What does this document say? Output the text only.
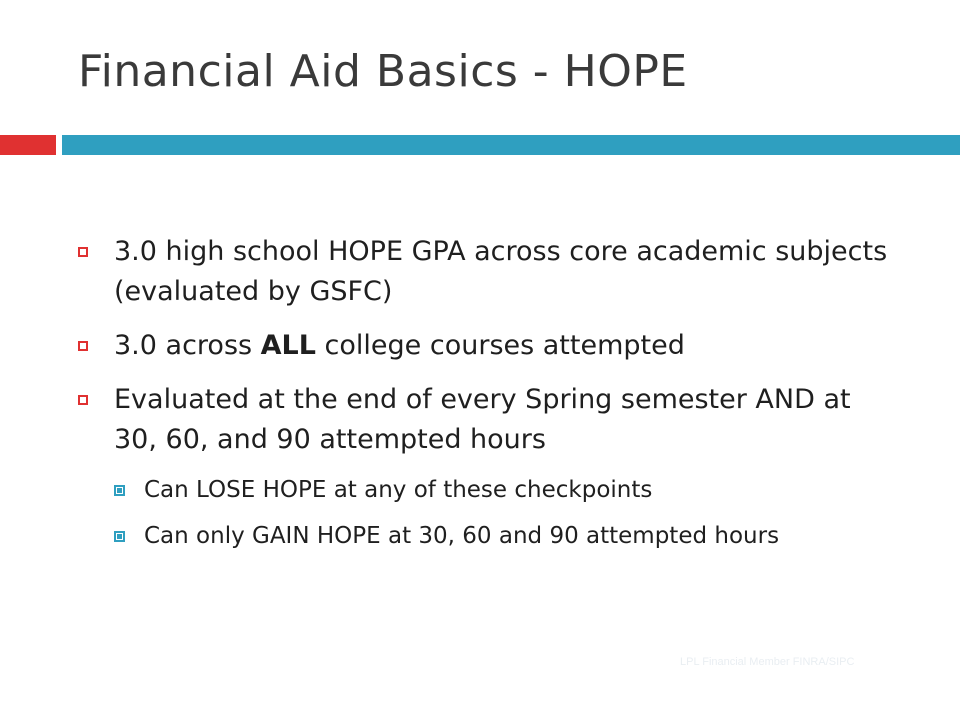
Financial Aid Basics - HOPE
3.0 high school HOPE GPA across core academic subjects (evaluated by GSFC)
3.0 across ALL college courses attempted
Evaluated at the end of every Spring semester AND at 30, 60, and 90 attempted hours
Can LOSE HOPE at any of these checkpoints
Can only GAIN HOPE at 30, 60 and 90 attempted hours
LPL Financial Member FINRA/SIPC
